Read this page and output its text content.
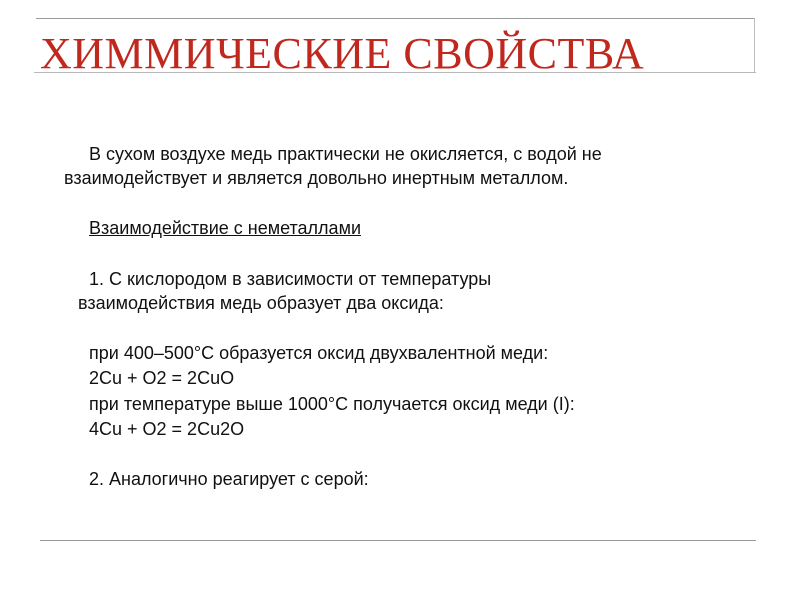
ХИММИЧЕСКИЕ СВОЙСТВА

В сухом воздухе медь практически не окисляется, с водой не

взаимодействует и является довольно инертным металлом.

Взаимодействие с неметаллами

1. С кислородом в зависимости от температуры

взаимодействия медь образует два оксида:

при 400–500°С образуется оксид двухвалентной меди:

2Cu + O2 = 2CuO

при температуре выше 1000°С получается оксид меди (I):

4Cu + O2 = 2Cu2O

2. Аналогично реагирует с серой:
